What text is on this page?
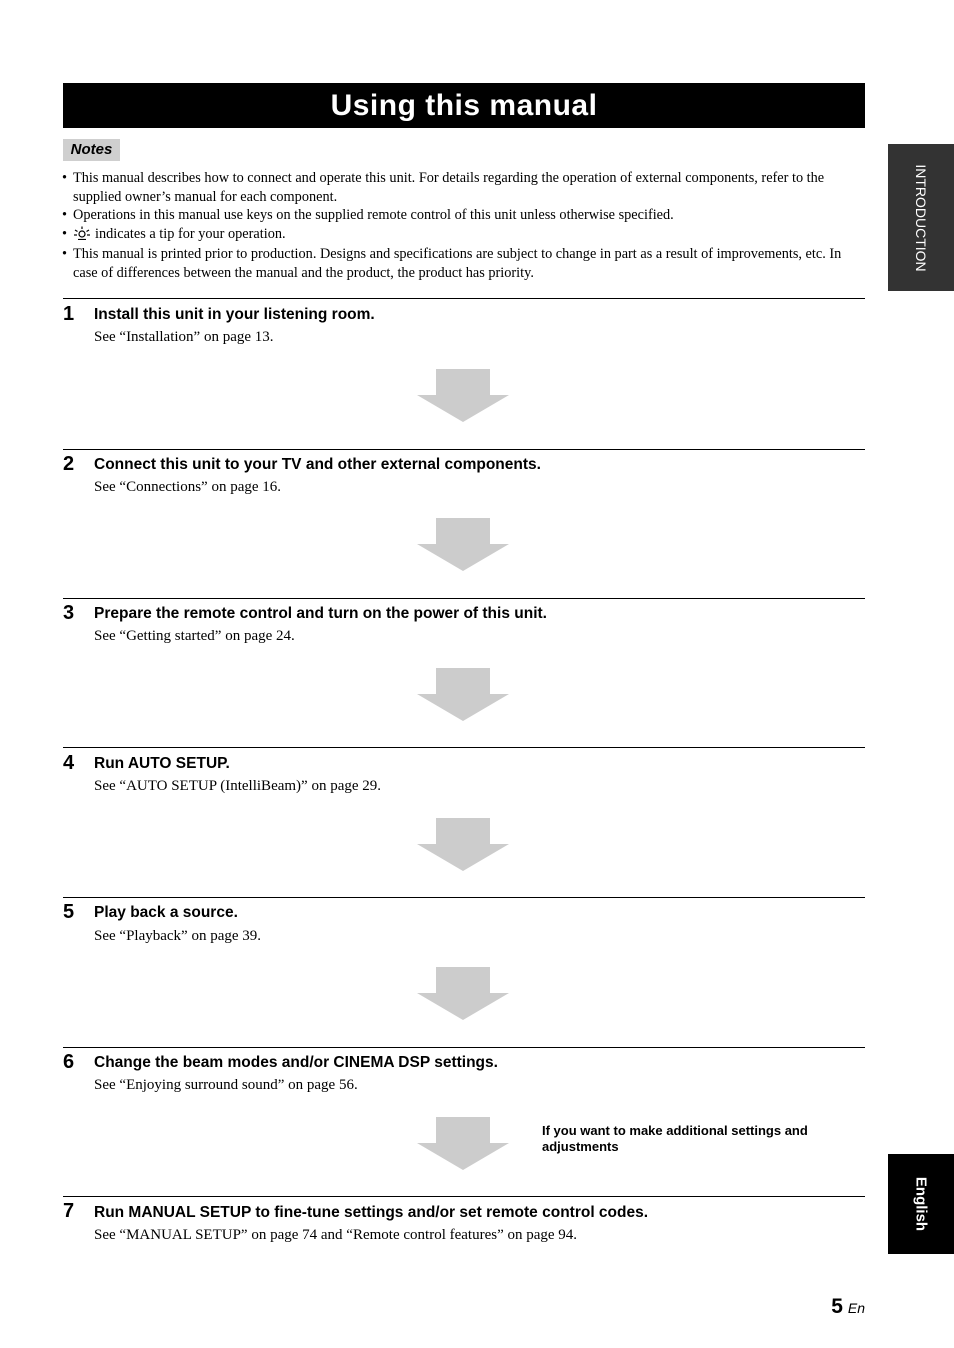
Using this manual
Notes
• This manual describes how to connect and operate this unit. For details regarding the operation of external components, refer to the supplied owner’s manual for each component.
• Operations in this manual use keys on the supplied remote control of this unit unless otherwise specified.
• indicates a tip for your operation.
• This manual is printed prior to production. Designs and specifications are subject to change in part as a result of improvements, etc. In case of differences between the manual and the product, the product has priority.
1 Install this unit in your listening room.
See “Installation” on page 13.
2 Connect this unit to your TV and other external components.
See “Connections” on page 16.
3 Prepare the remote control and turn on the power of this unit.
See “Getting started” on page 24.
4 Run AUTO SETUP.
See “AUTO SETUP (IntelliBeam)” on page 29.
5 Play back a source.
See “Playback” on page 39.
6 Change the beam modes and/or CINEMA DSP settings.
See “Enjoying surround sound” on page 56.
If you want to make additional settings and adjustments
7 Run MANUAL SETUP to fine-tune settings and/or set remote control codes.
See “MANUAL SETUP” on page 74 and “Remote control features” on page 94.
INTRODUCTION
English
5 En
